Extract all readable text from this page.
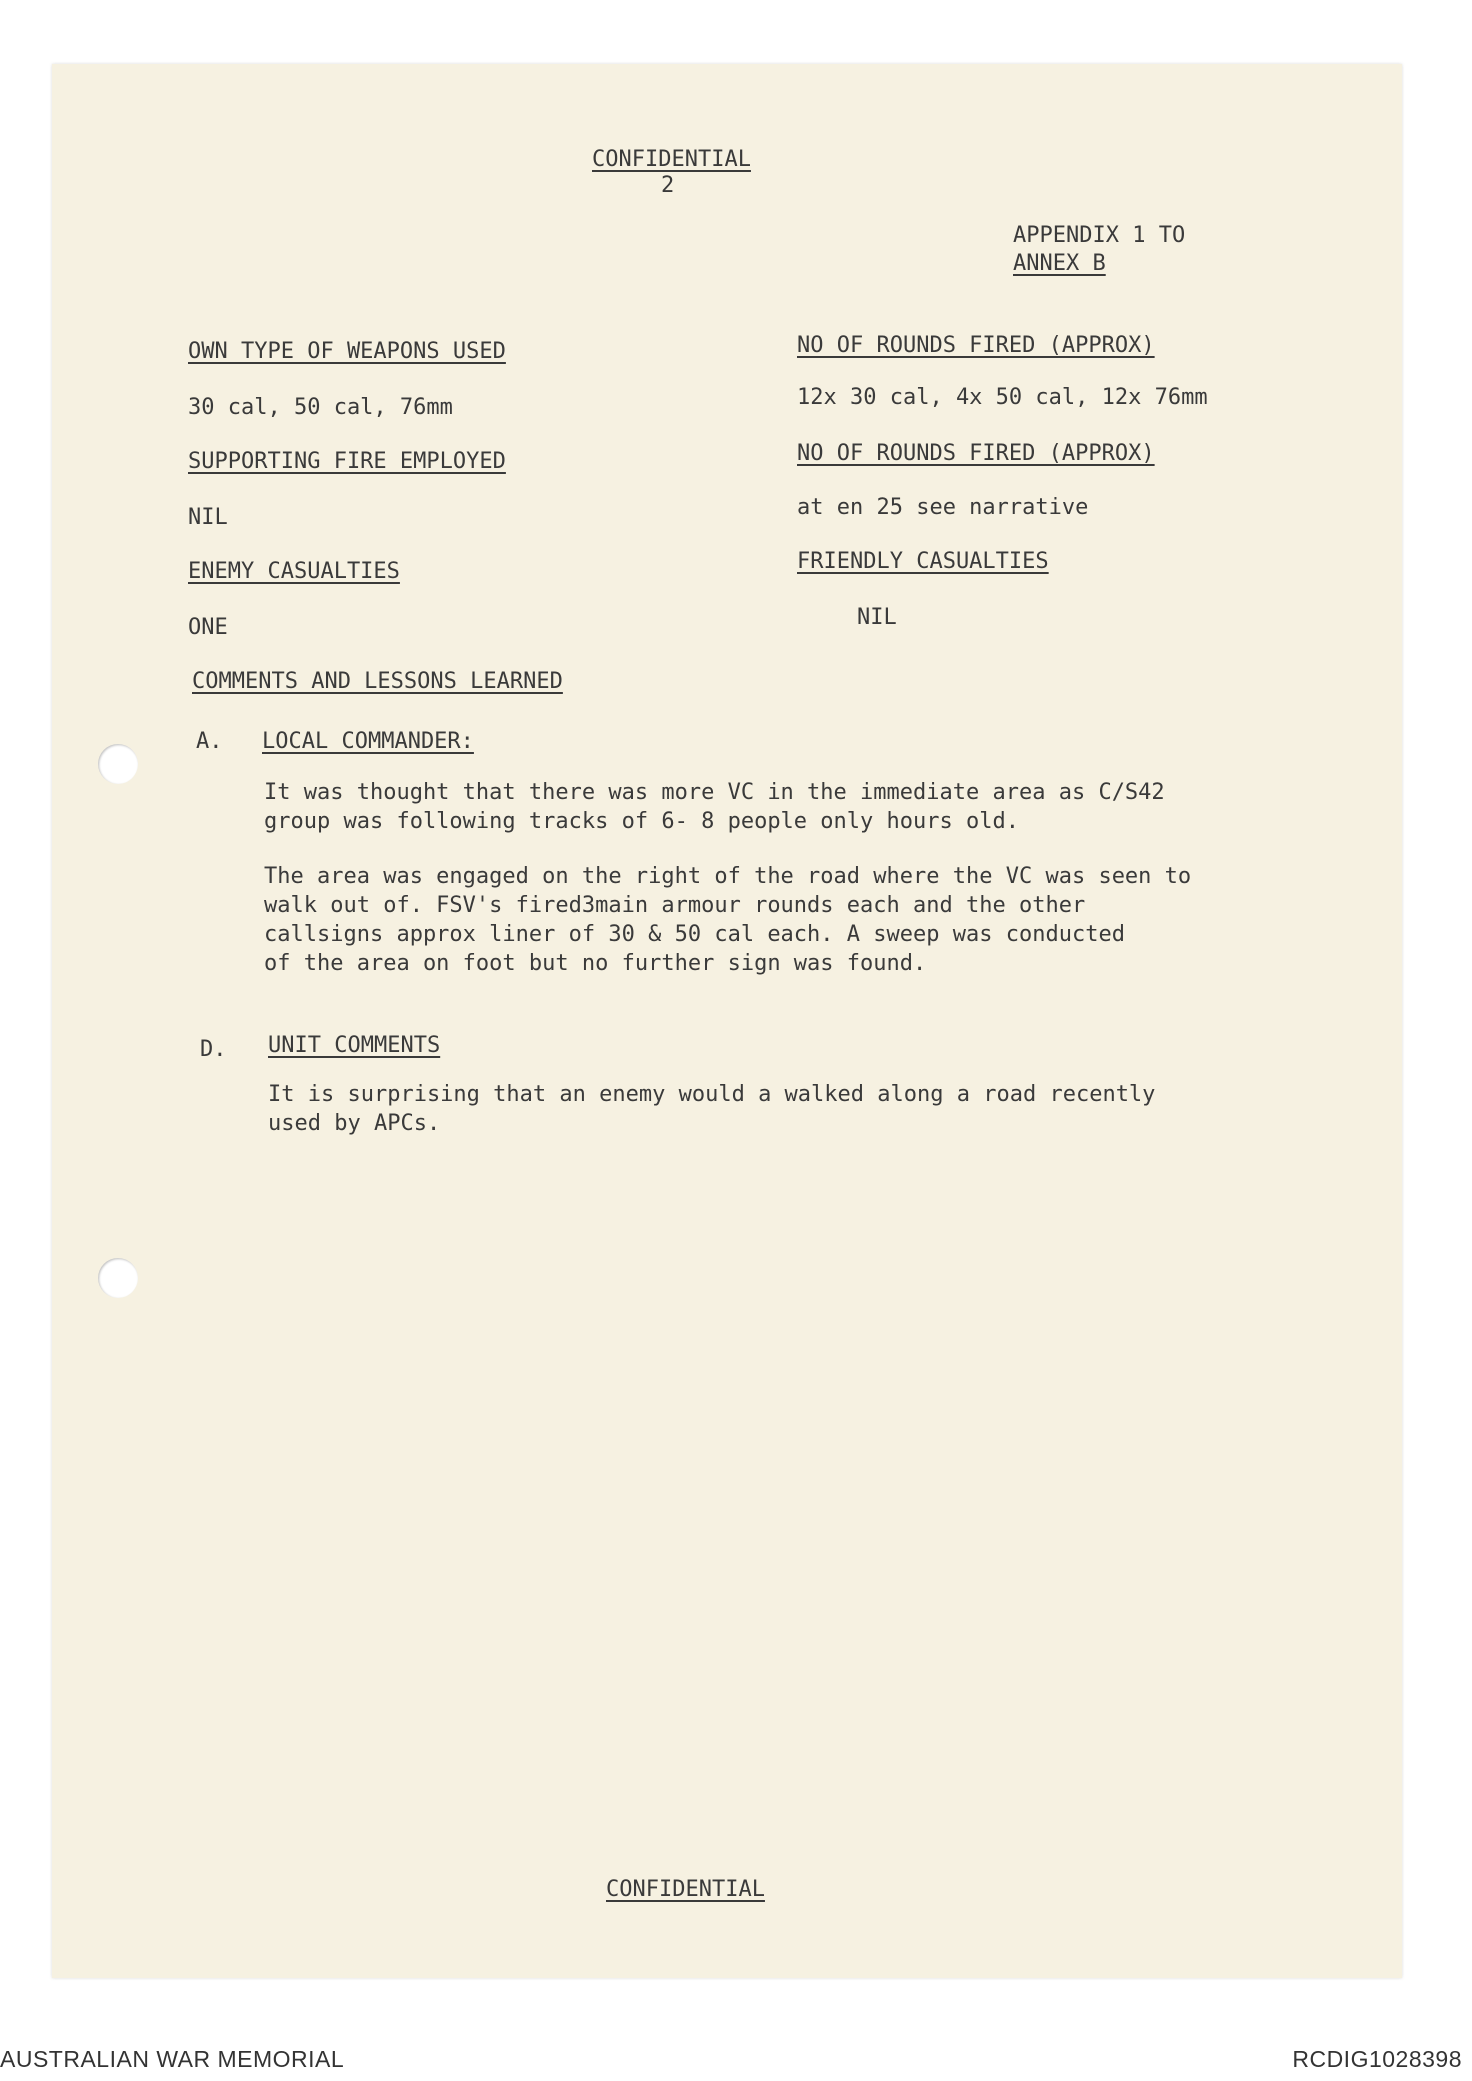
CONFIDENTIAL

2

APPENDIX 1 TO

ANNEX B

OWN TYPE OF WEAPONS USED

30 cal, 50 cal, 76mm

SUPPORTING FIRE EMPLOYED

NIL

ENEMY CASUALTIES

ONE

NO OF ROUNDS FIRED (APPROX)

12x 30 cal, 4x 50 cal, 12x 76mm

NO OF ROUNDS FIRED (APPROX)

at en 25 see narrative

FRIENDLY CASUALTIES

NIL

COMMENTS AND LESSONS LEARNED

A. LOCAL COMMANDER:

It was thought that there was more VC in the immediate area as C/S42
group was following tracks of 6- 8 people only hours old.

The area was engaged on the right of the road where the VC was seen to
walk out of. FSV's fired3main armour rounds each and the other
callsigns approx liner of 30 & 50 cal each. A sweep was conducted
of the area on foot but no further sign was found.

D. UNIT COMMENTS

It is surprising that an enemy would a walked along a road recently
used by APCs.

CONFIDENTIAL

AUSTRALIAN WAR MEMORIAL	RCDIG1028398
